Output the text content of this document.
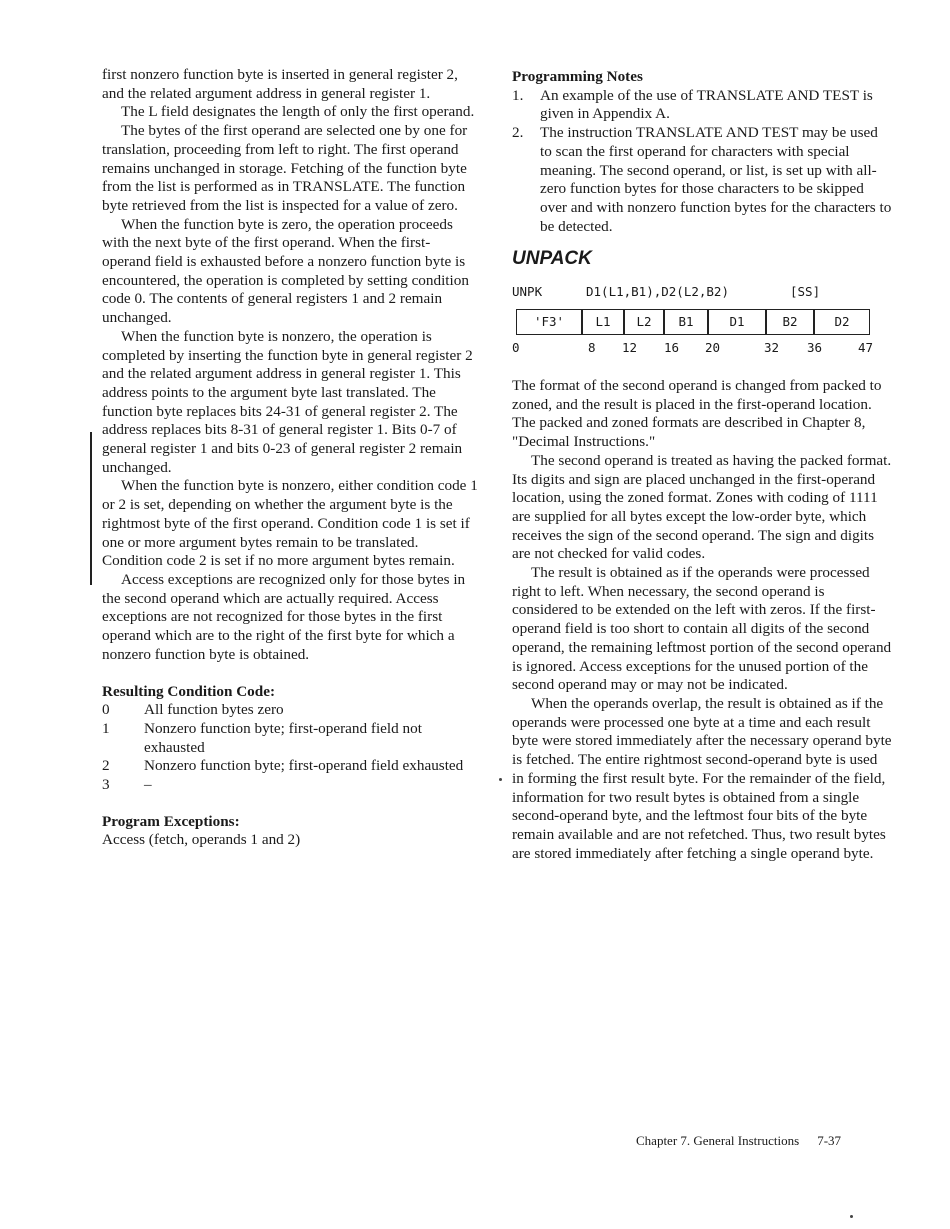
first nonzero function byte is inserted in general register 2, and the related argument address in general register 1.

The L field designates the length of only the first operand.

The bytes of the first operand are selected one by one for translation, proceeding from left to right. The first operand remains unchanged in storage. Fetching of the function byte from the list is performed as in TRANSLATE. The function byte retrieved from the list is inspected for a value of zero.

When the function byte is zero, the operation proceeds with the next byte of the first operand. When the first-operand field is exhausted before a nonzero function byte is encountered, the operation is completed by setting condition code 0. The contents of general registers 1 and 2 remain unchanged.

When the function byte is nonzero, the operation is completed by inserting the function byte in general register 2 and the related argument address in general register 1. This address points to the argument byte last translated. The function byte replaces bits 24-31 of general register 2. The address replaces bits 8-31 of general register 1. Bits 0-7 of general register 1 and bits 0-23 of general register 2 remain unchanged.

When the function byte is nonzero, either condition code 1 or 2 is set, depending on whether the argument byte is the rightmost byte of the first operand. Condition code 1 is set if one or more argument bytes remain to be translated. Condition code 2 is set if no more argument bytes remain.

Access exceptions are recognized only for those bytes in the second operand which are actually required. Access exceptions are not recognized for those bytes in the first operand which are to the right of the first byte for which a nonzero function byte is obtained.

Resulting Condition Code:

0	All function bytes zero
1	Nonzero function byte; first-operand field not exhausted
2	Nonzero function byte; first-operand field exhausted
3	–

Program Exceptions:

Access (fetch, operands 1 and 2)

Programming Notes

1.	An example of the use of TRANSLATE AND TEST is given in Appendix A.
2.	The instruction TRANSLATE AND TEST may be used to scan the first operand for characters with special meaning. The second operand, or list, is set up with all-zero function bytes for those characters to be skipped over and with nonzero function bytes for the characters to be detected.
UNPACK
UNPK	D1(L1,B1),D2(L2,B2)	[SS]
'F3'	L1	L2	B1	D1	B2	D2
0	8 12 16 20	32 36	47

The format of the second operand is changed from packed to zoned, and the result is placed in the first-operand location. The packed and zoned formats are described in Chapter 8, "Decimal Instructions."

The second operand is treated as having the packed format. Its digits and sign are placed unchanged in the first-operand location, using the zoned format. Zones with coding of 1111 are supplied for all bytes except the low-order byte, which receives the sign of the second operand. The sign and digits are not checked for valid codes.

The result is obtained as if the operands were processed right to left. When necessary, the second operand is considered to be extended on the left with zeros. If the first-operand field is too short to contain all digits of the second operand, the remaining leftmost portion of the second operand is ignored. Access exceptions for the unused portion of the second operand may or may not be indicated.

When the operands overlap, the result is obtained as if the operands were processed one byte at a time and each result byte were stored immediately after the necessary operand byte is fetched. The entire rightmost second-operand byte is used in forming the first result byte. For the remainder of the field, information for two result bytes is obtained from a single second-operand byte, and the leftmost four bits of the byte remain available and are not refetched. Thus, two result bytes are stored immediately after fetching a single operand byte.

Chapter 7. General Instructions 7-37
